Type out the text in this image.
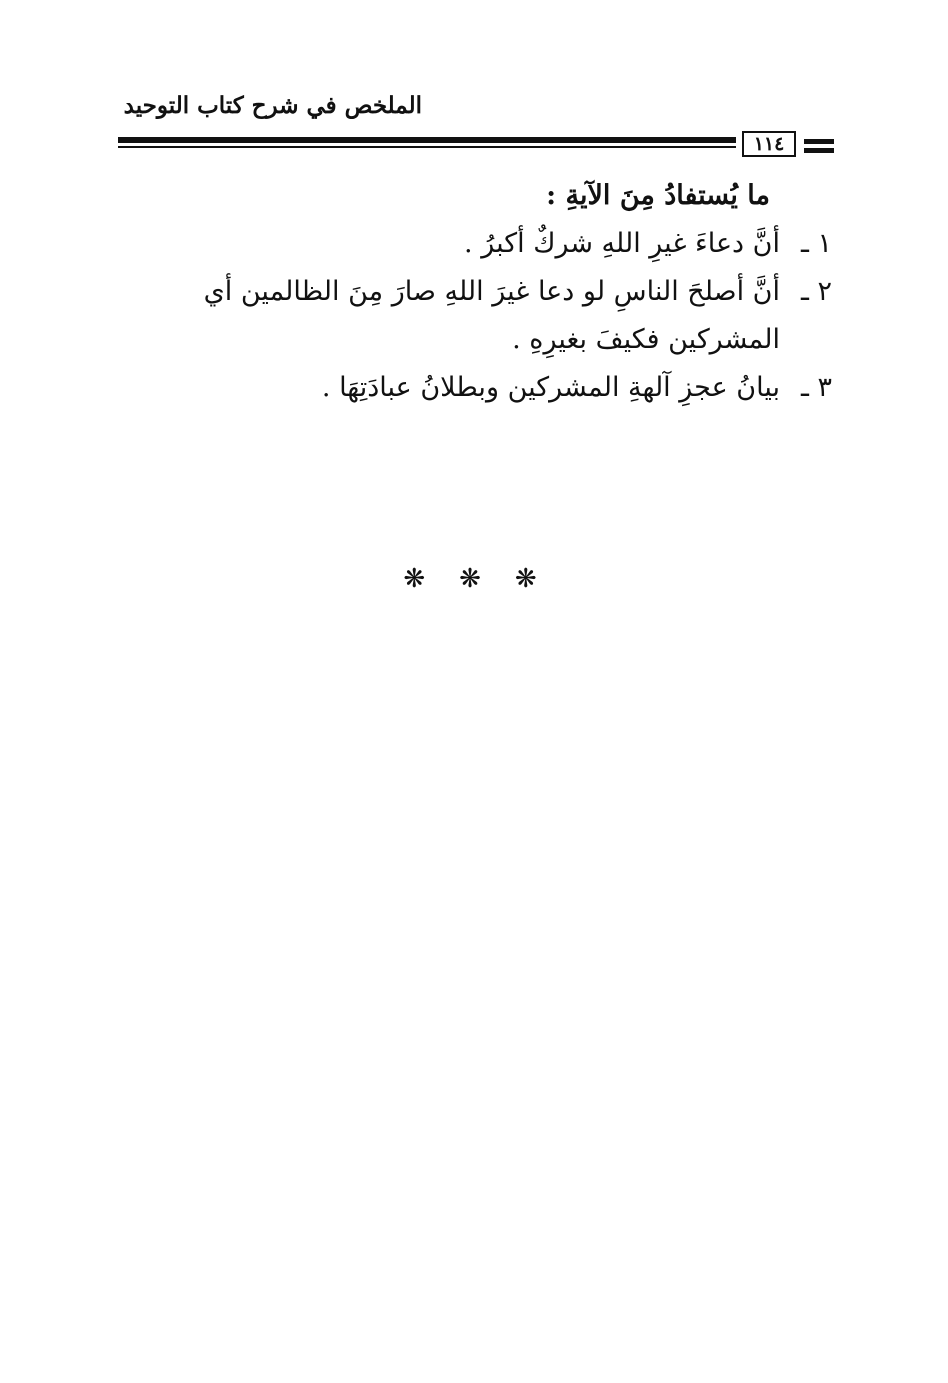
الملخص في شرح كتاب التوحيد
١١٤

ما يُستفادُ مِنَ الآيةِ :

١ ـ
أنَّ دعاءَ غيرِ اللهِ شركٌ أكبرُ .
٢ ـ
أنَّ أصلحَ الناسِ لو دعا غيرَ اللهِ صارَ مِنَ الظالمين أي المشركين فكيفَ بغيرِهِ .
٣ ـ
بيانُ عجزِ آلهةِ المشركين وبطلانُ عبادَتِهَا .
❋❋❋
